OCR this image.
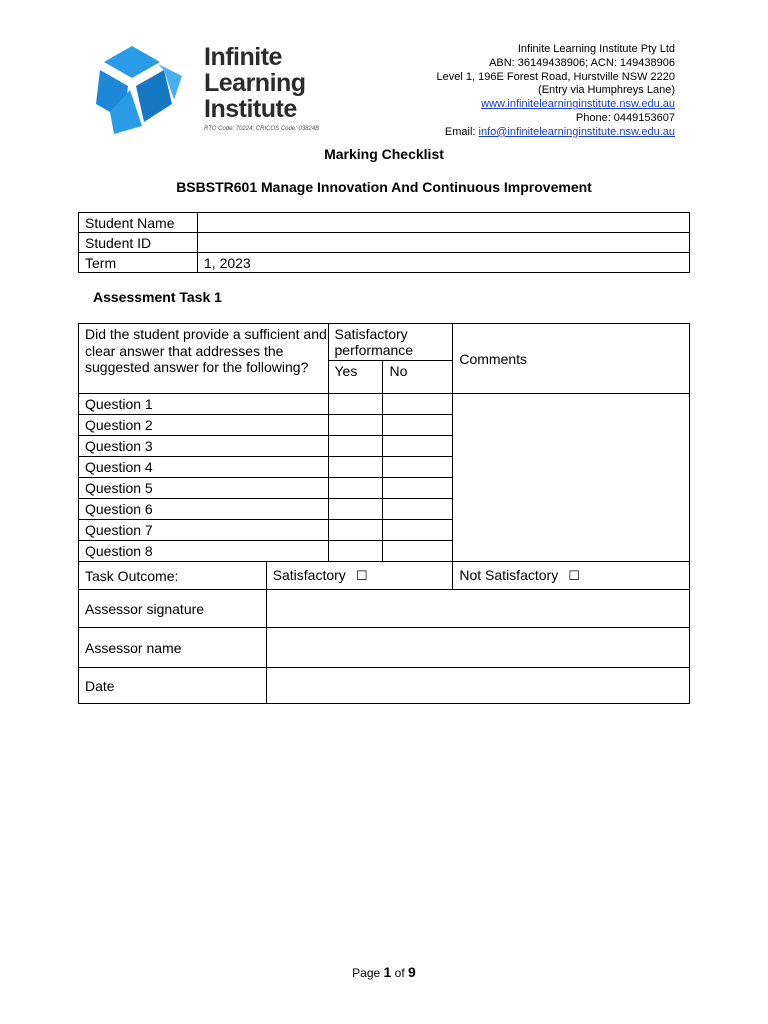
Infinite
Learning
Institute
RTO Code: 70224; CRICOS Code: 03824B
Infinite Learning Institute Pty Ltd
ABN: 36149438906; ACN: 149438906
Level 1, 196E Forest Road, Hurstville NSW 2220
(Entry via Humphreys Lane)
www.infinitelearninginstitute.nsw.edu.au
Phone: 0449153607
Email: info@infinitelearninginstitute.nsw.edu.au
Marking Checklist
BSBSTR601 Manage Innovation And Continuous Improvement
Student Name	
Student ID	
Term	1, 2023
Assessment Task 1
Did the student provide a sufficient and clear answer that addresses the suggested answer for the following?		Satisfactory performance		Comments
		Yes	No	
Question 1				
Question 2				
Question 3				
Question 4				
Question 5				
Question 6				
Question 7				
Question 8				
Task Outcome:	Satisfactory ☐			Not Satisfactory ☐
Assessor signature				
Assessor name				
Date				
Page 1 of 9
